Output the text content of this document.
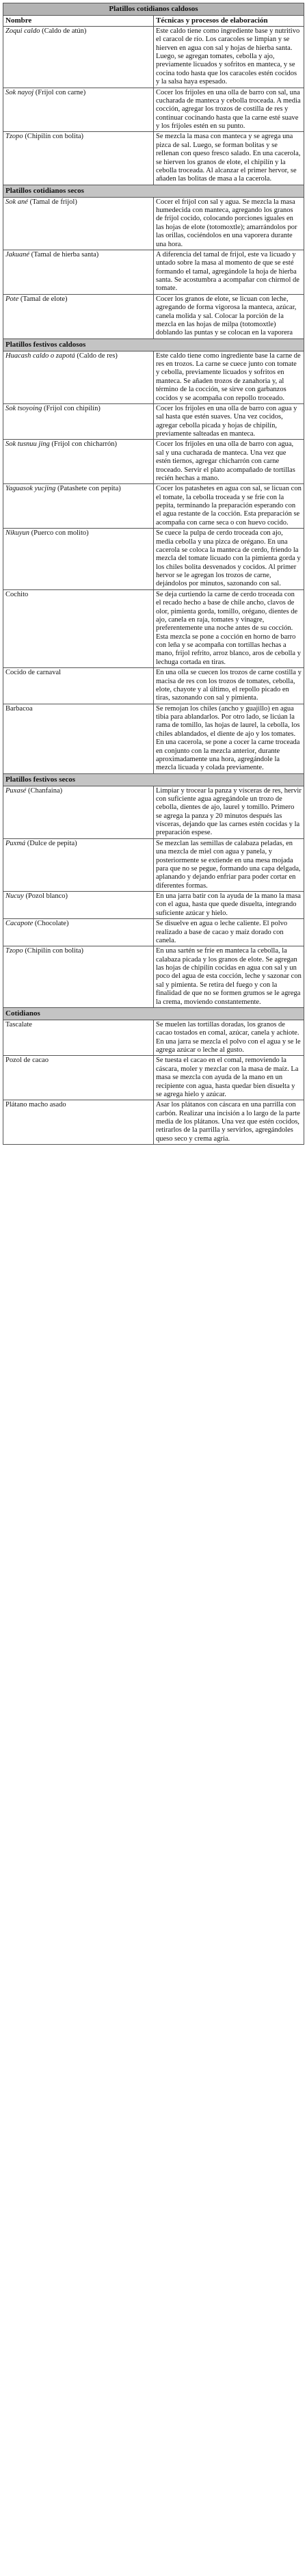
Platillos cotidianos caldosos	
Nombre	Técnicas y procesos de elaboración
Zoqui caldo (Caldo de atún)	Este caldo tiene como ingrediente base y nutritivo el caracol de río. Los caracoles se limpian y se hierven en agua con sal y hojas de hierba santa. Luego, se agregan tomates, cebolla y ajo, previamente licuados y sofritos en manteca, y se cocina todo hasta que los caracoles estén cocidos y la salsa haya espesado.
Sok nayoj (Frijol con carne)	Cocer los frijoles en una olla de barro con sal, una cucharada de manteca y cebolla troceada. A media cocción, agregar los trozos de costilla de res y continuar cocinando hasta que la carne esté suave y los frijoles estén en su punto.
Tzopo (Chipilín con bolita)	Se mezcla la masa con manteca y se agrega una pizca de sal. Luego, se forman bolitas y se rellenan con queso fresco salado. En una cacerola, se hierven los granos de elote, el chipilín y la cebolla troceada. Al alcanzar el primer hervor, se añaden las bolitas de masa a la cacerola.
Platillos cotidianos secos	
Sok ané (Tamal de frijol)	Cocer el frijol con sal y agua. Se mezcla la masa humedecida con manteca, agregando los granos de frijol cocido, colocando porciones iguales en las hojas de elote (totomoxtle); amarrándolos por las orillas, cociéndolos en una vaporera durante una hora.
Jakuané (Tamal de hierba santa)	A diferencia del tamal de frijol, este va licuado y untado sobre la masa al momento de que se esté formando el tamal, agregándole la hoja de hierba santa. Se acostumbra a acompañar con chirmol de tomate.
Pote (Tamal de elote)	Cocer los granos de elote, se licuan con leche, agregando de forma vigorosa la manteca, azúcar, canela molida y sal. Colocar la porción de la mezcla en las hojas de milpa (totomoxtle) doblando las puntas y se colocan en la vaporera
Platillos festivos caldosos	
Huacash caldo o zapotá (Caldo de res)	Este caldo tiene como ingrediente base la carne de res en trozos. La carne se cuece junto con tomate y cebolla, previamente licuados y sofritos en manteca. Se añaden trozos de zanahoria y, al término de la cocción, se sirve con garbanzos cocidos y se acompaña con repollo troceado.
Sok tsoyoing (Frijol con chipilín)	Cocer los frijoles en una olla de barro con agua y sal hasta que estén suaves. Una vez cocidos, agregar cebolla picada y hojas de chipilín, previamente salteadas en manteca.
Sok tusnuu jing (Frijol con chicharrón)	Cocer los frijoles en una olla de barro con agua, sal y una cucharada de manteca. Una vez que estén tiernos, agregar chicharrón con carne troceado. Servir el plato acompañado de tortillas recién hechas a mano.
Yaguasok yucjing (Patashete con pepita)	Cocer los patashetes en agua con sal, se licuan con el tomate, la cebolla troceada y se fríe con la pepita, terminando la preparación esperando con el agua restante de la cocción. Esta preparación se acompaña con carne seca o con huevo cocido.
Nikuyun (Puerco con molito)	Se cuece la pulpa de cerdo troceada con ajo, media cebolla y una pizca de orégano. En una cacerola se coloca la manteca de cerdo, friendo la mezcla del tomate licuado con la pimienta gorda y los chiles bolita desvenados y cocidos. Al primer hervor se le agregan los trozos de carne, dejándolos por minutos, sazonando con sal.
Cochito	Se deja curtiendo la carne de cerdo troceada con el recado hecho a base de chile ancho, clavos de olor, pimienta gorda, tomillo, orégano, dientes de ajo, canela en raja, tomates y vinagre, preferentemente una noche antes de su cocción. Esta mezcla se pone a cocción en horno de barro con leña y se acompaña con tortillas hechas a mano, frijol refrito, arroz blanco, aros de cebolla y lechuga cortada en tiras.
Cocido de carnaval	En una olla se cuecen los trozos de carne costilla y macisa de res con los trozos de tomates, cebolla, elote, chayote y al último, el repollo picado en tiras, sazonando con sal y pimienta.
Barbacoa	Se remojan los chiles (ancho y guajillo) en agua tibia para ablandarlos. Por otro lado, se licúan la rama de tomillo, las hojas de laurel, la cebolla, los chiles ablandados, el diente de ajo y los tomates. En una cacerola, se pone a cocer la carne troceada en conjunto con la mezcla anterior, durante aproximadamente una hora, agregándole la mezcla licuada y colada previamente.
Platillos festivos secos	
Puxasé (Chanfaina)	Limpiar y trocear la panza y vísceras de res, hervir con suficiente agua agregándole un trozo de cebolla, dientes de ajo, laurel y tomillo. Primero se agrega la panza y 20 minutos después las vísceras, dejando que las carnes estén cocidas y la preparación espese.
Puxmá (Dulce de pepita)	Se mezclan las semillas de calabaza peladas, en una mezcla de miel con agua y panela, y posteriormente se extiende en una mesa mojada para que no se pegue, formando una capa delgada, aplanando y dejando enfriar para poder cortar en diferentes formas.
Nucuy (Pozol blanco)	En una jarra batir con la ayuda de la mano la masa con el agua, hasta que quede disuelta, integrando suficiente azúcar y hielo.
Cacapote (Chocolate)	Se disuelve en agua o leche caliente. El polvo realizado a base de cacao y maíz dorado con canela.
Tzopo (Chipilín con bolita)	En una sartén se fríe en manteca la cebolla, la calabaza picada y los granos de elote. Se agregan las hojas de chipilín cocidas en agua con sal y un poco del agua de esta cocción, leche y sazonar con sal y pimienta. Se retira del fuego y con la finalidad de que no se formen grumos se le agrega la crema, moviendo constantemente.
Cotidianos	
Tascalate	Se muelen las tortillas doradas, los granos de cacao tostados en comal, azúcar, canela y achiote. En una jarra se mezcla el polvo con el agua y se le agrega azúcar o leche al gusto.
Pozol de cacao	Se tuesta el cacao en el comal, removiendo la cáscara, moler y mezclar con la masa de maíz. La masa se mezcla con ayuda de la mano en un recipiente con agua, hasta quedar bien disuelta y se agrega hielo y azúcar.
Plátano macho asado	Asar los plátanos con cáscara en una parrilla con carbón. Realizar una incisión a lo largo de la parte media de los plátanos. Una vez que estén cocidos, retirarlos de la parrilla y servirlos, agregándoles queso seco y crema agria.
